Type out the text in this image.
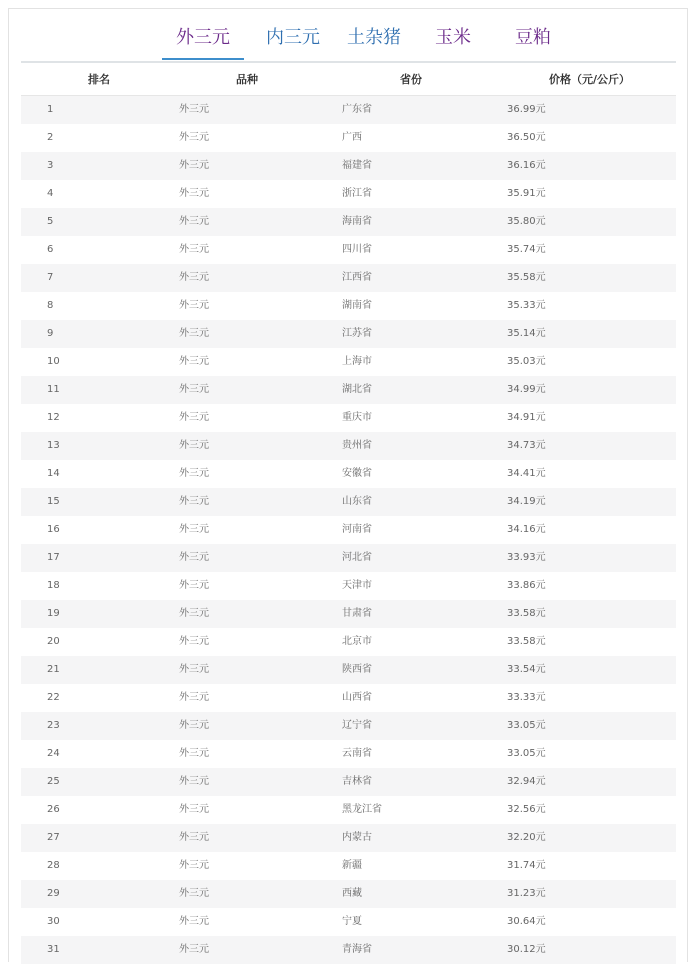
外三元	内三元 土杂猪 玉米 豆粕
排名	品种	省份	价格（元/公斤）
1	外三元	广东省	36.99元
2	外三元	广西	36.50元
3	外三元	福建省	36.16元
4	外三元	浙江省	35.91元
5	外三元	海南省	35.80元
6	外三元	四川省	35.74元
7	外三元	江西省	35.58元
8	外三元	湖南省	35.33元
9	外三元	江苏省	35.14元
10	外三元	上海市	35.03元
11	外三元	湖北省	34.99元
12	外三元	重庆市	34.91元
13	外三元	贵州省	34.73元
14	外三元	安徽省	34.41元
15	外三元	山东省	34.19元
16	外三元	河南省	34.16元
17	外三元	河北省	33.93元
18	外三元	天津市	33.86元
19	外三元	甘肃省	33.58元
20	外三元	北京市	33.58元
21	外三元	陕西省	33.54元
22	外三元	山西省	33.33元
23	外三元	辽宁省	33.05元
24	外三元	云南省	33.05元
25	外三元	吉林省	32.94元
26	外三元	黑龙江省	32.56元
27	外三元	内蒙古	32.20元
28	外三元	新疆	31.74元
29	外三元	西藏	31.23元
30	外三元	宁夏	30.64元
31	外三元	青海省	30.12元
